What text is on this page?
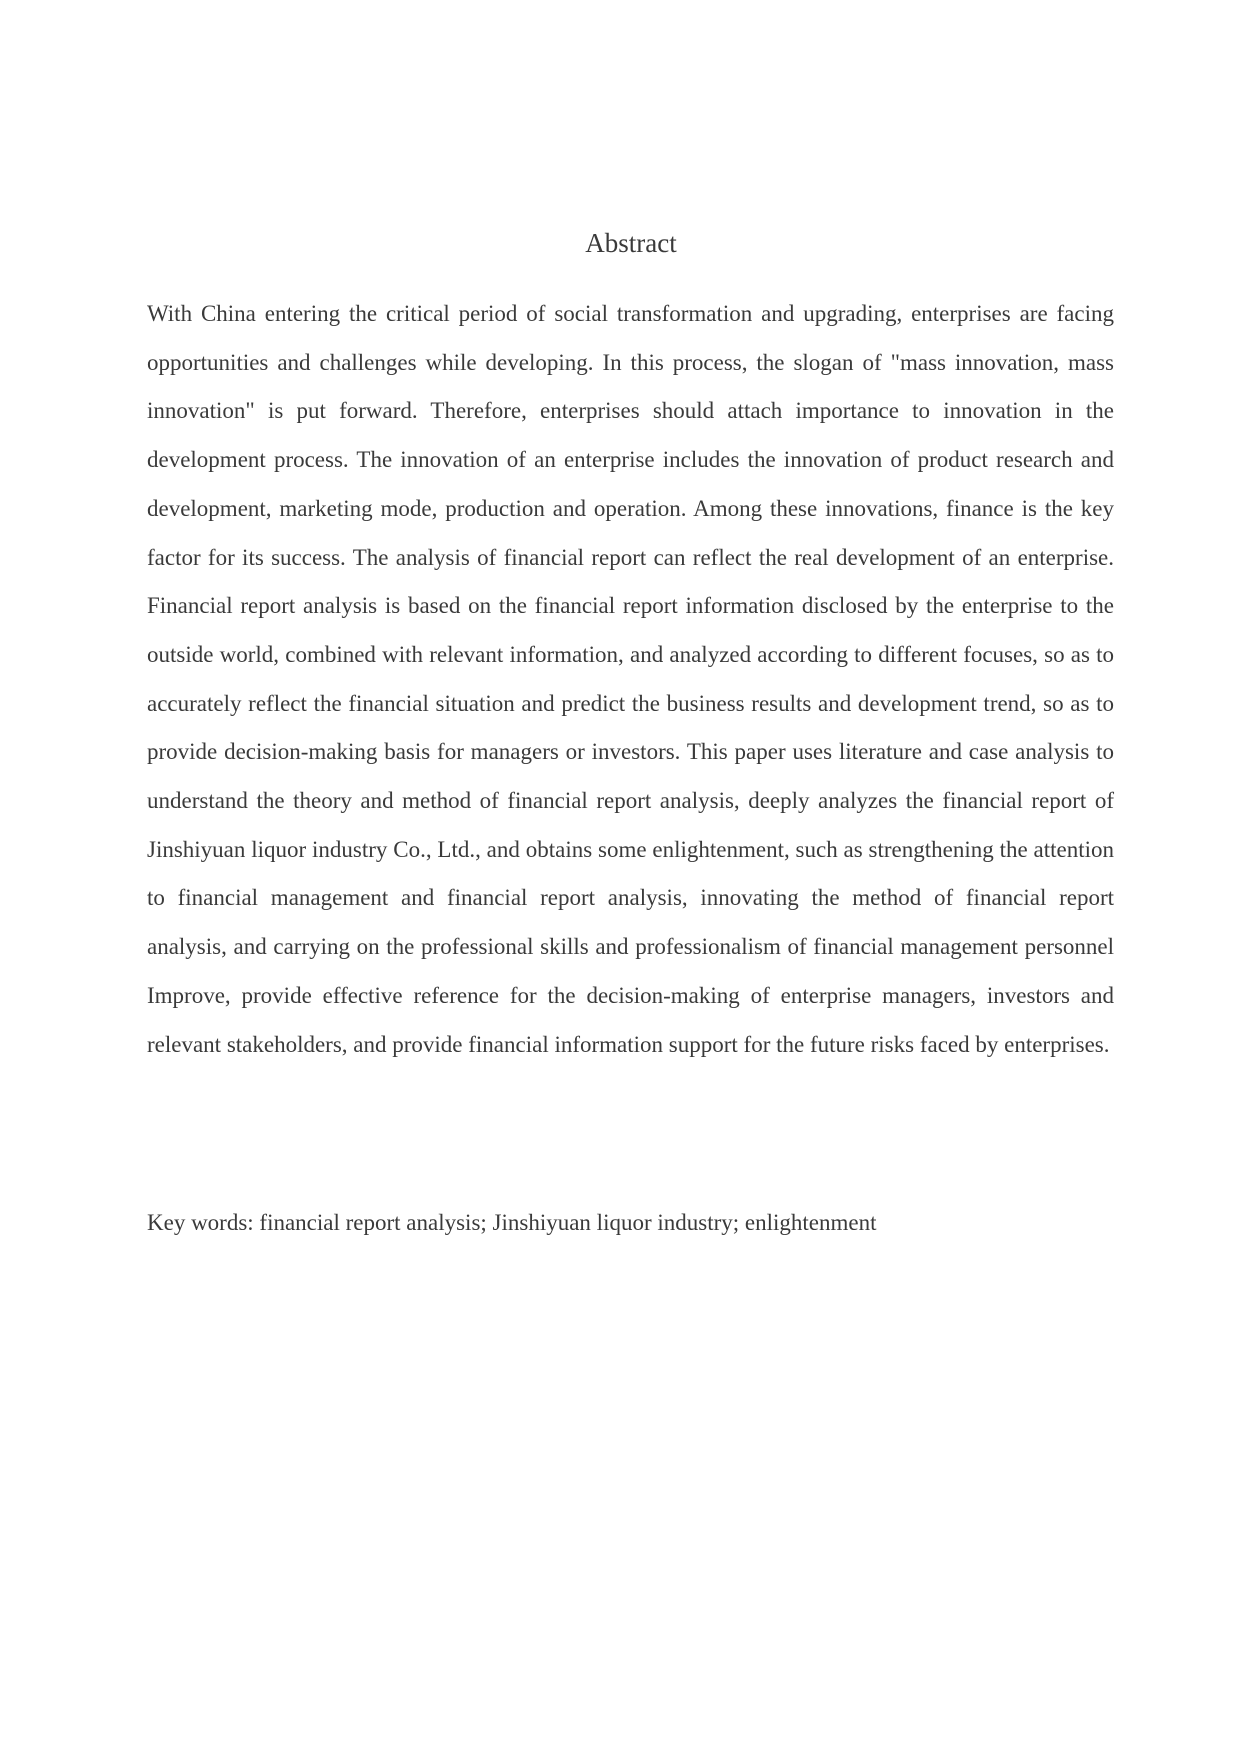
Abstract

With China entering the critical period of social transformation and upgrading, enterprises are facing opportunities and challenges while developing. In this process, the slogan of "mass innovation, mass innovation" is put forward. Therefore, enterprises should attach importance to innovation in the development process. The innovation of an enterprise includes the innovation of product research and development, marketing mode, production and operation. Among these innovations, finance is the key factor for its success. The analysis of financial report can reflect the real development of an enterprise. Financial report analysis is based on the financial report information disclosed by the enterprise to the outside world, combined with relevant information, and analyzed according to different focuses, so as to accurately reflect the financial situation and predict the business results and development trend, so as to provide decision-making basis for managers or investors. This paper uses literature and case analysis to understand the theory and method of financial report analysis, deeply analyzes the financial report of Jinshiyuan liquor industry Co., Ltd., and obtains some enlightenment, such as strengthening the attention to financial management and financial report analysis, innovating the method of financial report analysis, and carrying on the professional skills and professionalism of financial management personnel Improve, provide effective reference for the decision-making of enterprise managers, investors and relevant stakeholders, and provide financial information support for the future risks faced by enterprises.

Key words: financial report analysis; Jinshiyuan liquor industry; enlightenment
